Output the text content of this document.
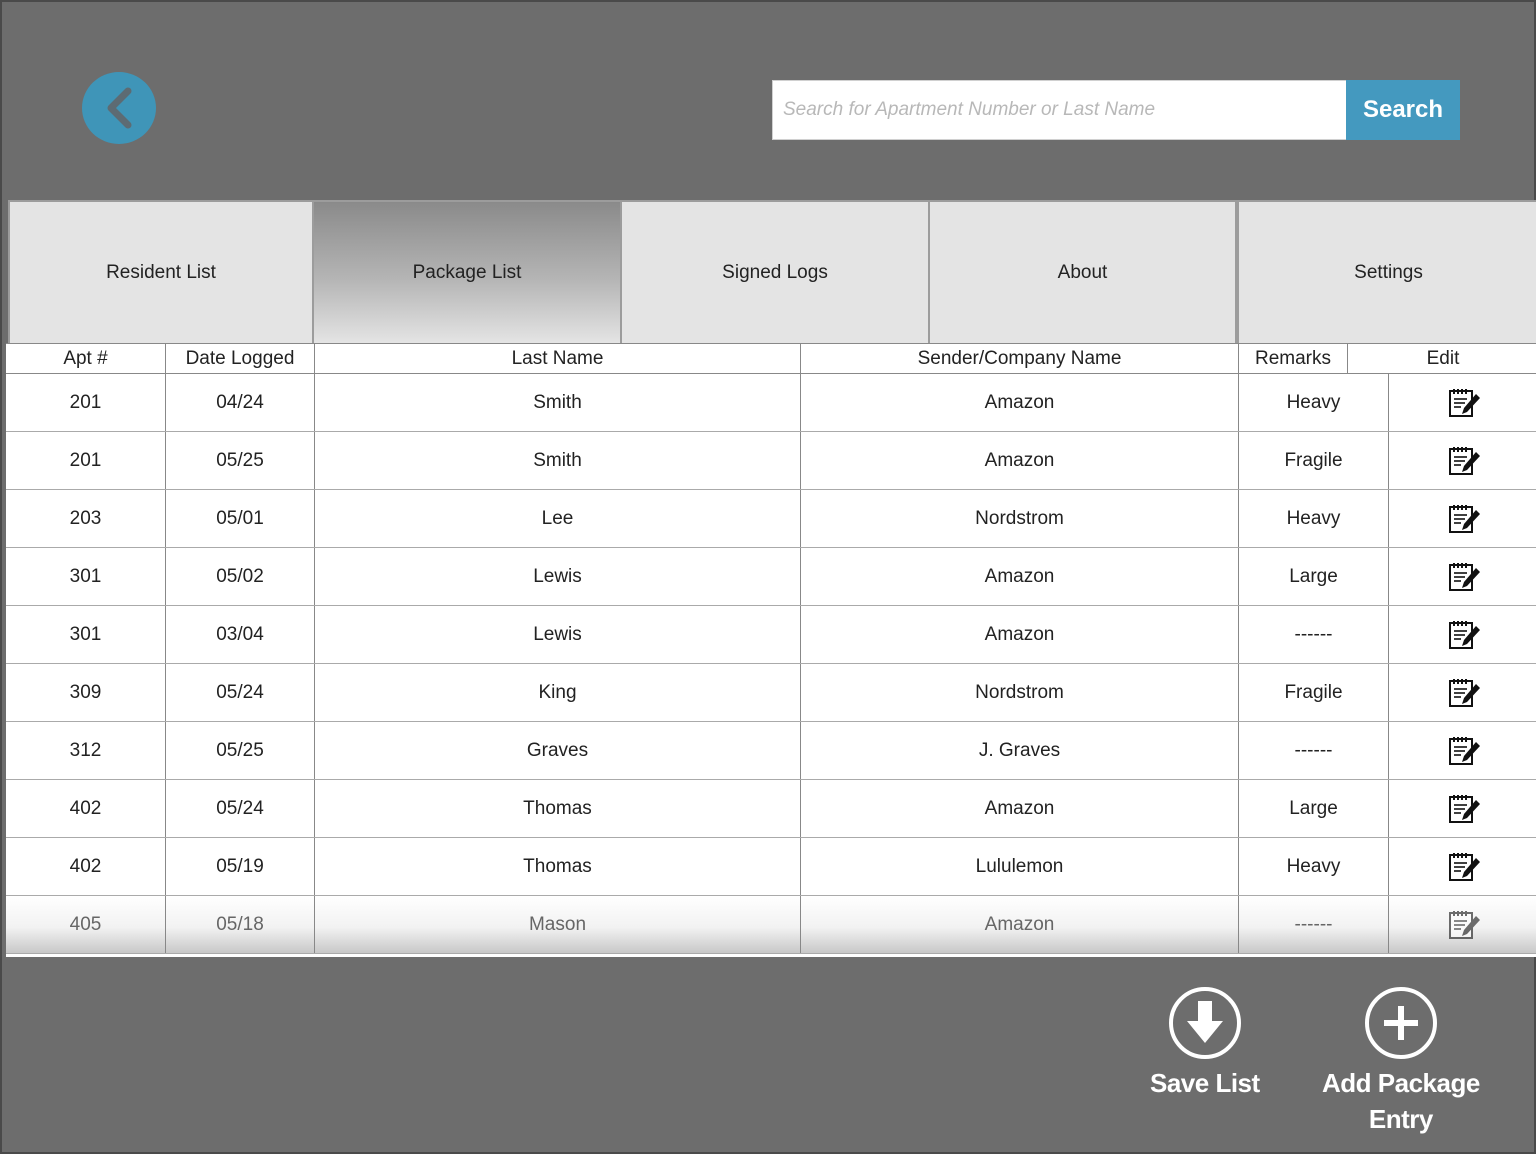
Search for Apartment Number or Last Name
Search
Resident List	Package List	Signed Logs	About	Settings
Apt #	Date Logged	Last Name	Sender/Company Name	Remarks	Edit
201	04/24	Smith	Amazon	Heavy
201	05/25	Smith	Amazon	Fragile
203	05/01	Lee	Nordstrom	Heavy
301	05/02	Lewis	Amazon	Large
301	03/04	Lewis	Amazon	------
309	05/24	King	Nordstrom	Fragile
312	05/25	Graves	J. Graves	------
402	05/24	Thomas	Amazon	Large
402	05/19	Thomas	Lululemon	Heavy
405	05/18	Mason	Amazon	------
Save List Add Package
Entry
